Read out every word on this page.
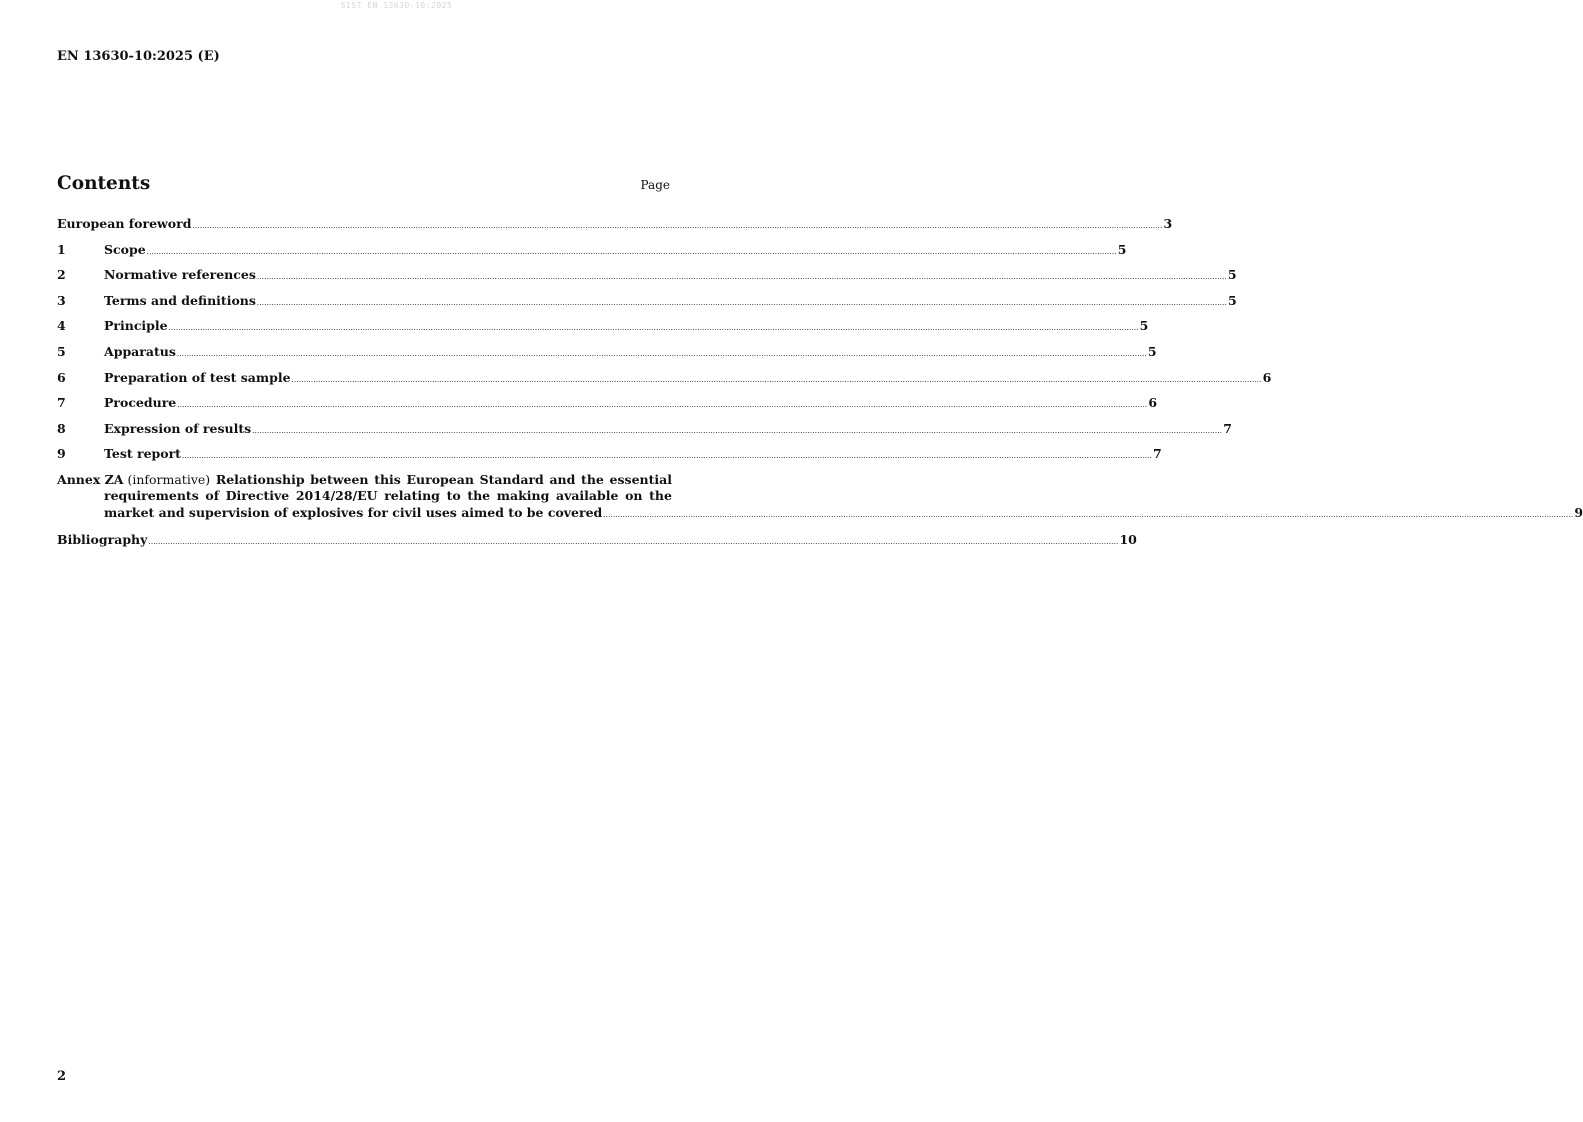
SIST EN 13630-10:2025
EN 13630-10:2025 (E)
Contents	Page
European foreword ................................................................................................................................................................................................................................................................................................................................................................................................................ 3
1	Scope ................................................................................................................................................................................................................................................................................................................................................................................................................ 5
2	Normative references ................................................................................................................................................................................................................................................................................................................................................................................................................ 5
3	Terms and definitions ................................................................................................................................................................................................................................................................................................................................................................................................................ 5
4	Principle ................................................................................................................................................................................................................................................................................................................................................................................................................ 5
5	Apparatus ................................................................................................................................................................................................................................................................................................................................................................................................................ 5
6	Preparation of test sample ................................................................................................................................................................................................................................................................................................................................................................................................................ 6
7	Procedure ................................................................................................................................................................................................................................................................................................................................................................................................................ 6
8	Expression of results ................................................................................................................................................................................................................................................................................................................................................................................................................ 7
9	Test report ................................................................................................................................................................................................................................................................................................................................................................................................................ 7
Annex ZA (informative) Relationship between this European Standard and the essential
requirements of Directive 2014/28/EU relating to the making available on the
market and supervision of explosives for civil uses aimed to be covered ................................................................................................................................................................................................................................................................................................................................................................................................................ 9
Bibliography ................................................................................................................................................................................................................................................................................................................................................................................................................ 10
2
